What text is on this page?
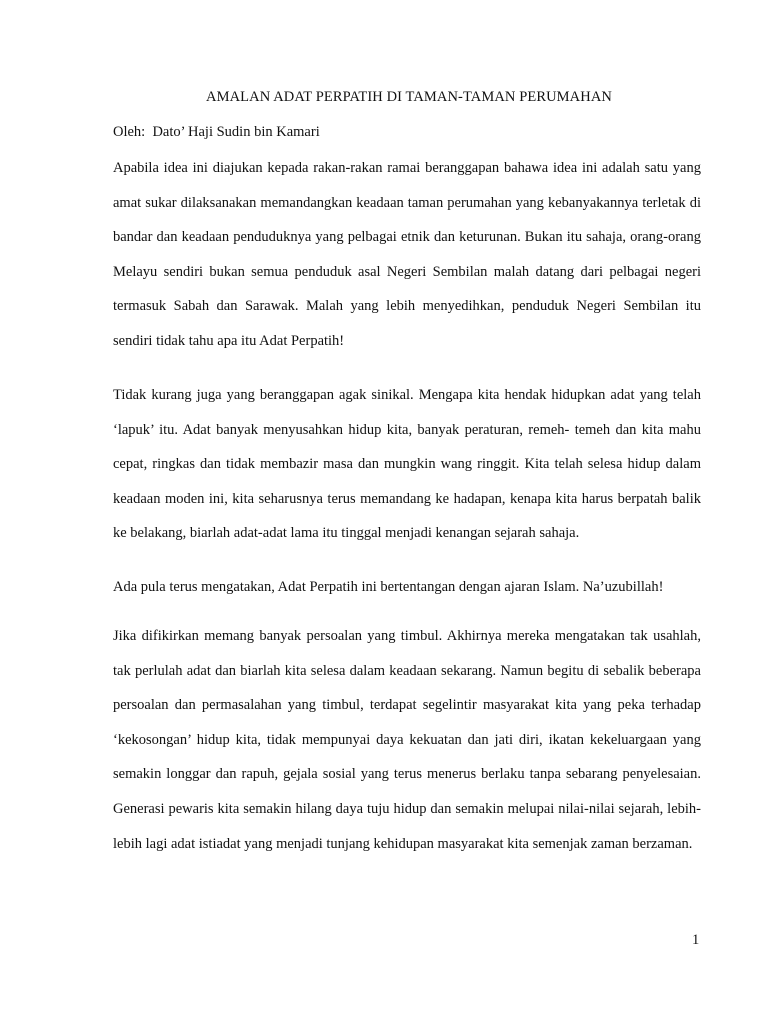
AMALAN ADAT PERPATIH DI TAMAN-TAMAN PERUMAHAN

Oleh:  Dato’ Haji Sudin bin Kamari

Apabila idea ini diajukan kepada rakan-rakan ramai beranggapan bahawa idea ini adalah satu yang amat sukar dilaksanakan memandangkan keadaan taman perumahan yang kebanyakannya terletak di bandar dan keadaan penduduknya yang pelbagai etnik dan keturunan. Bukan itu sahaja, orang-orang Melayu sendiri bukan semua penduduk asal Negeri Sembilan malah datang dari pelbagai negeri termasuk Sabah dan Sarawak. Malah yang lebih menyedihkan, penduduk Negeri Sembilan itu sendiri tidak tahu apa itu Adat Perpatih!

Tidak kurang juga yang beranggapan agak sinikal. Mengapa kita hendak hidupkan adat yang telah ‘lapuk’ itu. Adat banyak menyusahkan hidup kita, banyak peraturan, remeh- temeh dan kita mahu cepat, ringkas dan tidak membazir masa dan mungkin wang ringgit. Kita telah selesa hidup dalam keadaan moden ini, kita seharusnya terus memandang ke hadapan, kenapa kita harus berpatah balik ke belakang, biarlah adat-adat lama itu tinggal menjadi kenangan sejarah sahaja.

Ada pula terus mengatakan, Adat Perpatih ini bertentangan dengan ajaran Islam. Na’uzubillah!

Jika difikirkan memang banyak persoalan yang timbul. Akhirnya mereka mengatakan tak usahlah, tak perlulah adat dan biarlah kita selesa dalam keadaan sekarang. Namun begitu di sebalik beberapa persoalan dan permasalahan yang timbul, terdapat segelintir masyarakat kita yang peka terhadap ‘kekosongan’ hidup kita, tidak mempunyai daya kekuatan dan jati diri, ikatan kekeluargaan yang semakin longgar dan rapuh, gejala sosial yang terus menerus berlaku tanpa sebarang penyelesaian. Generasi pewaris kita semakin hilang daya tuju hidup dan semakin melupai nilai-nilai sejarah, lebih-lebih lagi adat istiadat yang menjadi tunjang kehidupan masyarakat kita semenjak zaman berzaman.

1
